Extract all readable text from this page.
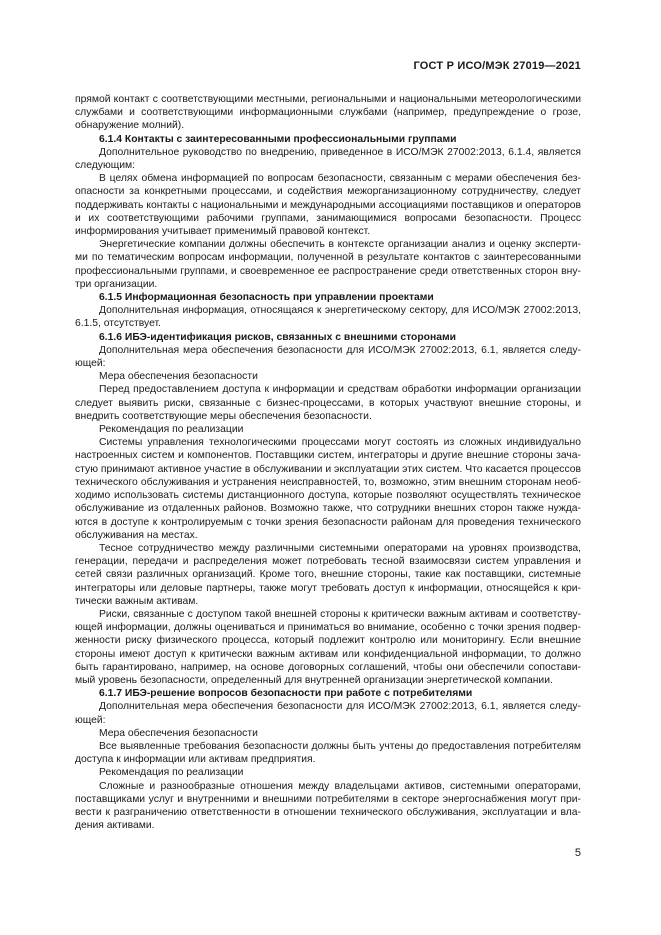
ГОСТ Р ИСО/МЭК 27019—2021

прямой контакт с соответствующими местными, региональными и национальными метеорологическими службами и соответствующими информационными службами (например, предупреждение о грозе, обнаружение молний).

6.1.4 Контакты с заинтересованными профессиональными группами

Дополнительное руководство по внедрению, приведенное в ИСО/МЭК 27002:2013, 6.1.4, является следующим:

В целях обмена информацией по вопросам безопасности, связанным с мерами обеспечения безопасности за конкретными процессами, и содействия межорганизационному сотрудничеству, следует поддерживать контакты с национальными и международными ассоциациями поставщиков и операторов и их соответствующими рабочими группами, занимающимися вопросами безопасности. Процесс информирования учитывает применимый правовой контекст.

Энергетические компании должны обеспечить в контексте организации анализ и оценку экспертими по тематическим вопросам информации, полученной в результате контактов с заинтересованными профессиональными группами, и своевременное ее распространение среди ответственных сторон внутри организации.

6.1.5 Информационная безопасность при управлении проектами

Дополнительная информация, относящаяся к энергетическому сектору, для ИСО/МЭК 27002:2013, 6.1.5, отсутствует.

6.1.6 ИБЭ-идентификация рисков, связанных с внешними сторонами

Дополнительная мера обеспечения безопасности для ИСО/МЭК 27002:2013, 6.1, является следующей:

Мера обеспечения безопасности

Перед предоставлением доступа к информации и средствам обработки информации организации следует выявить риски, связанные с бизнес-процессами, в которых участвуют внешние стороны, и внедрить соответствующие меры обеспечения безопасности.

Рекомендация по реализации

Системы управления технологическими процессами могут состоять из сложных индивидуально настроенных систем и компонентов. Поставщики систем, интеграторы и другие внешние стороны зачастую принимают активное участие в обслуживании и эксплуатации этих систем. Что касается процессов технического обслуживания и устранения неисправностей, то, возможно, этим внешним сторонам необходимо использовать системы дистанционного доступа, которые позволяют осуществлять техническое обслуживание из отдаленных районов. Возможно также, что сотрудники внешних сторон также нуждаются в доступе к контролируемым с точки зрения безопасности районам для проведения технического обслуживания на местах.

Тесное сотрудничество между различными системными операторами на уровнях производства, генерации, передачи и распределения может потребовать тесной взаимосвязи систем управления и сетей связи различных организаций. Кроме того, внешние стороны, такие как поставщики, системные интеграторы или деловые партнеры, также могут требовать доступ к информации, относящейся к критически важным активам.

Риски, связанные с доступом такой внешней стороны к критически важным активам и соответствующей информации, должны оцениваться и приниматься во внимание, особенно с точки зрения подверженности риску физического процесса, который подлежит контролю или мониторингу. Если внешние стороны имеют доступ к критически важным активам или конфиденциальной информации, то должно быть гарантировано, например, на основе договорных соглашений, чтобы они обеспечили сопоставимый уровень безопасности, определенный для внутренней организации энергетической компании.

6.1.7 ИБЭ-решение вопросов безопасности при работе с потребителями

Дополнительная мера обеспечения безопасности для ИСО/МЭК 27002:2013, 6.1, является следующей:

Мера обеспечения безопасности

Все выявленные требования безопасности должны быть учтены до предоставления потребителям доступа к информации или активам предприятия.

Рекомендация по реализации

Сложные и разнообразные отношения между владельцами активов, системными операторами, поставщиками услуг и внутренними и внешними потребителями в секторе энергоснабжения могут привести к разграничению ответственности в отношении технического обслуживания, эксплуатации и владения активами.

5
